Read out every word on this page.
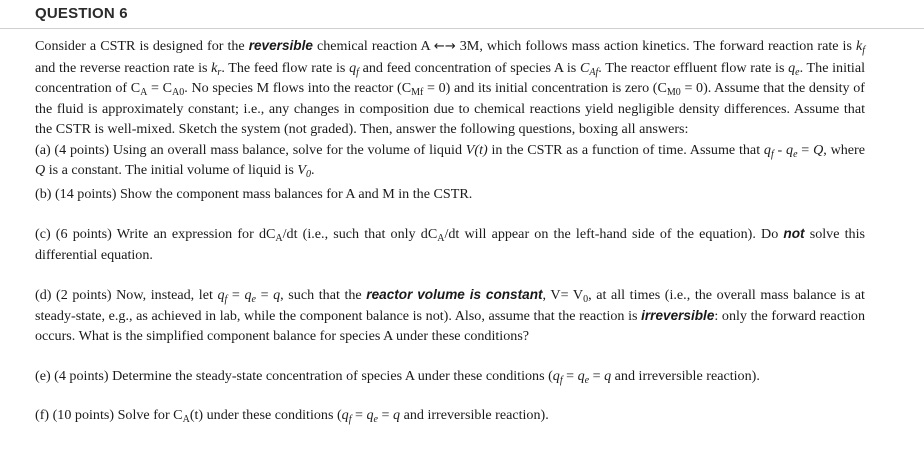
QUESTION 6

Consider a CSTR is designed for the reversible chemical reaction A ←→ 3M, which follows mass action kinetics. The forward reaction rate is $k_f$ and the reverse reaction rate is $k_r$. The feed flow rate is $q_f$ and feed concentration of species A is $C_{Af}$. The reactor effluent flow rate is $q_e$. The initial concentration of $C_A = C_{A0}$. No species M flows into the reactor $(C_{Mf} = 0)$ and its initial concentration is zero $(C_{M0} = 0)$. Assume that the density of the fluid is approximately constant; i.e., any changes in composition due to chemical reactions yield negligible density differences. Assume that the CSTR is well-mixed. Sketch the system (not graded). Then, answer the following questions, boxing all answers:

(a) (4 points) Using an overall mass balance, solve for the volume of liquid V(t) in the CSTR as a function of time. Assume that $q_f - q_e = Q$, where Q is a constant. The initial volume of liquid is $V_0$.

(b) (14 points) Show the component mass balances for A and M in the CSTR.

(c) (6 points) Write an expression for $dC_A/dt$ (i.e., such that only $dC_A/dt$ will appear on the left-hand side of the equation). Do not solve this differential equation.

(d) (2 points) Now, instead, let $q_f = q_e = q$, such that the reactor volume is constant, $V= V_0$, at all times (i.e., the overall mass balance is at steady-state, e.g., as achieved in lab, while the component balance is not). Also, assume that the reaction is irreversible: only the forward reaction occurs. What is the simplified component balance for species A under these conditions?

(e) (4 points) Determine the steady-state concentration of species A under these conditions ($q_f = q_e = q$ and irreversible reaction).

(f) (10 points) Solve for $C_A(t)$ under these conditions ($q_f = q_e = q$ and irreversible reaction).
